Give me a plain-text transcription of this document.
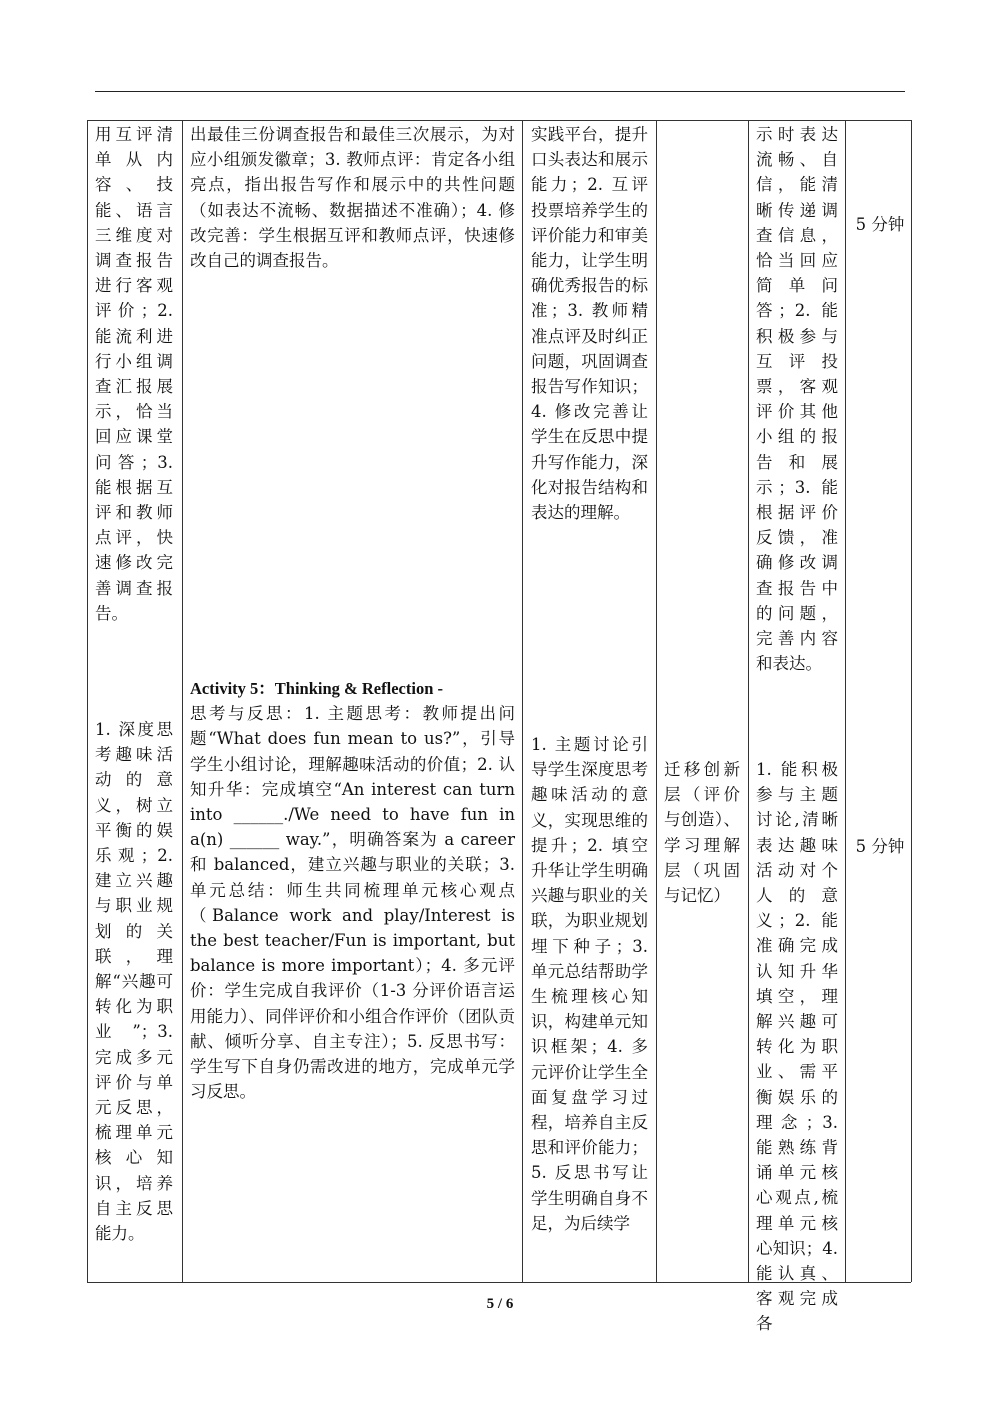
用互评清单从内容、技能、语言三维度对调查报告进行客观评价；2. 能流利进行小组调查汇报展示，恰当回应课堂问答；3. 能根据互评和教师点评，快速修改完善调查报告。
出最佳三份调查报告和最佳三次展示，为对应小组颁发徽章；3. 教师点评：肯定各小组亮点，指出报告写作和展示中的共性问题（如表达不流畅、数据描述不准确）；4. 修改完善：学生根据互评和教师点评，快速修改自己的调查报告。
实践平台，提升口头表达和展示能力；2. 互评投票培养学生的评价能力和审美能力，让学生明确优秀报告的标准；3. 教师精准点评及时纠正问题，巩固调查报告写作知识；4. 修改完善让学生在反思中提升写作能力，深化对报告结构和表达的理解。
示时表达流畅、自信，能清晰传递调查信息，恰当回应简单问答；2. 能积极参与互评投票，客观评价其他小组的报告和展示；3. 能根据评价反馈，准确修改调查报告中的问题，完善内容和表达。
5 分钟
1. 深度思考趣味活动的意义，树立平衡的娱乐观；2. 建立兴趣与职业规划的关联，理解“兴趣可转化为职业”；3. 完成多元评价与单元反思，梳理单元核心知识，培养自主反思能力。

Activity 5：Thinking & Reflection -

思考与反思：1. 主题思考：教师提出问题“What does fun mean to us?”，引导学生小组讨论，理解趣味活动的价值；2. 认知升华：完成填空“An interest can turn into ______./We need to have fun in a(n) ______ way.”，明确答案为 a career 和 balanced，建立兴趣与职业的关联；3. 单元总结：师生共同梳理单元核心观点（Balance work and play/Interest is the best teacher/Fun is important, but balance is more important）；4. 多元评价：学生完成自我评价（1-3 分评价语言运用能力）、同伴评价和小组合作评价（团队贡献、倾听分享、自主专注）；5. 反思书写：学生写下自身仍需改进的地方，完成单元学习反思。

1. 主题讨论引导学生深度思考趣味活动的意义，实现思维的提升；2. 填空升华让学生明确兴趣与职业的关联，为职业规划埋下种子；3. 单元总结帮助学生梳理核心知识，构建单元知识框架；4. 多元评价让学生全面复盘学习过程，培养自主反思和评价能力；5. 反思书写让学生明确自身不足，为后续学
迁移创新层（评价与创造）、学习理解层（巩固与记忆）
1. 能积极参与主题讨论,清晰表达趣味活动对个人的意义；2. 能准确完成认知升华填空，理解兴趣可转化为职业、需平衡娱乐的理念；3. 能熟练背诵单元核心观点,梳理单元核心知识；4. 能认真、客观完成各
5 分钟
5 / 6
